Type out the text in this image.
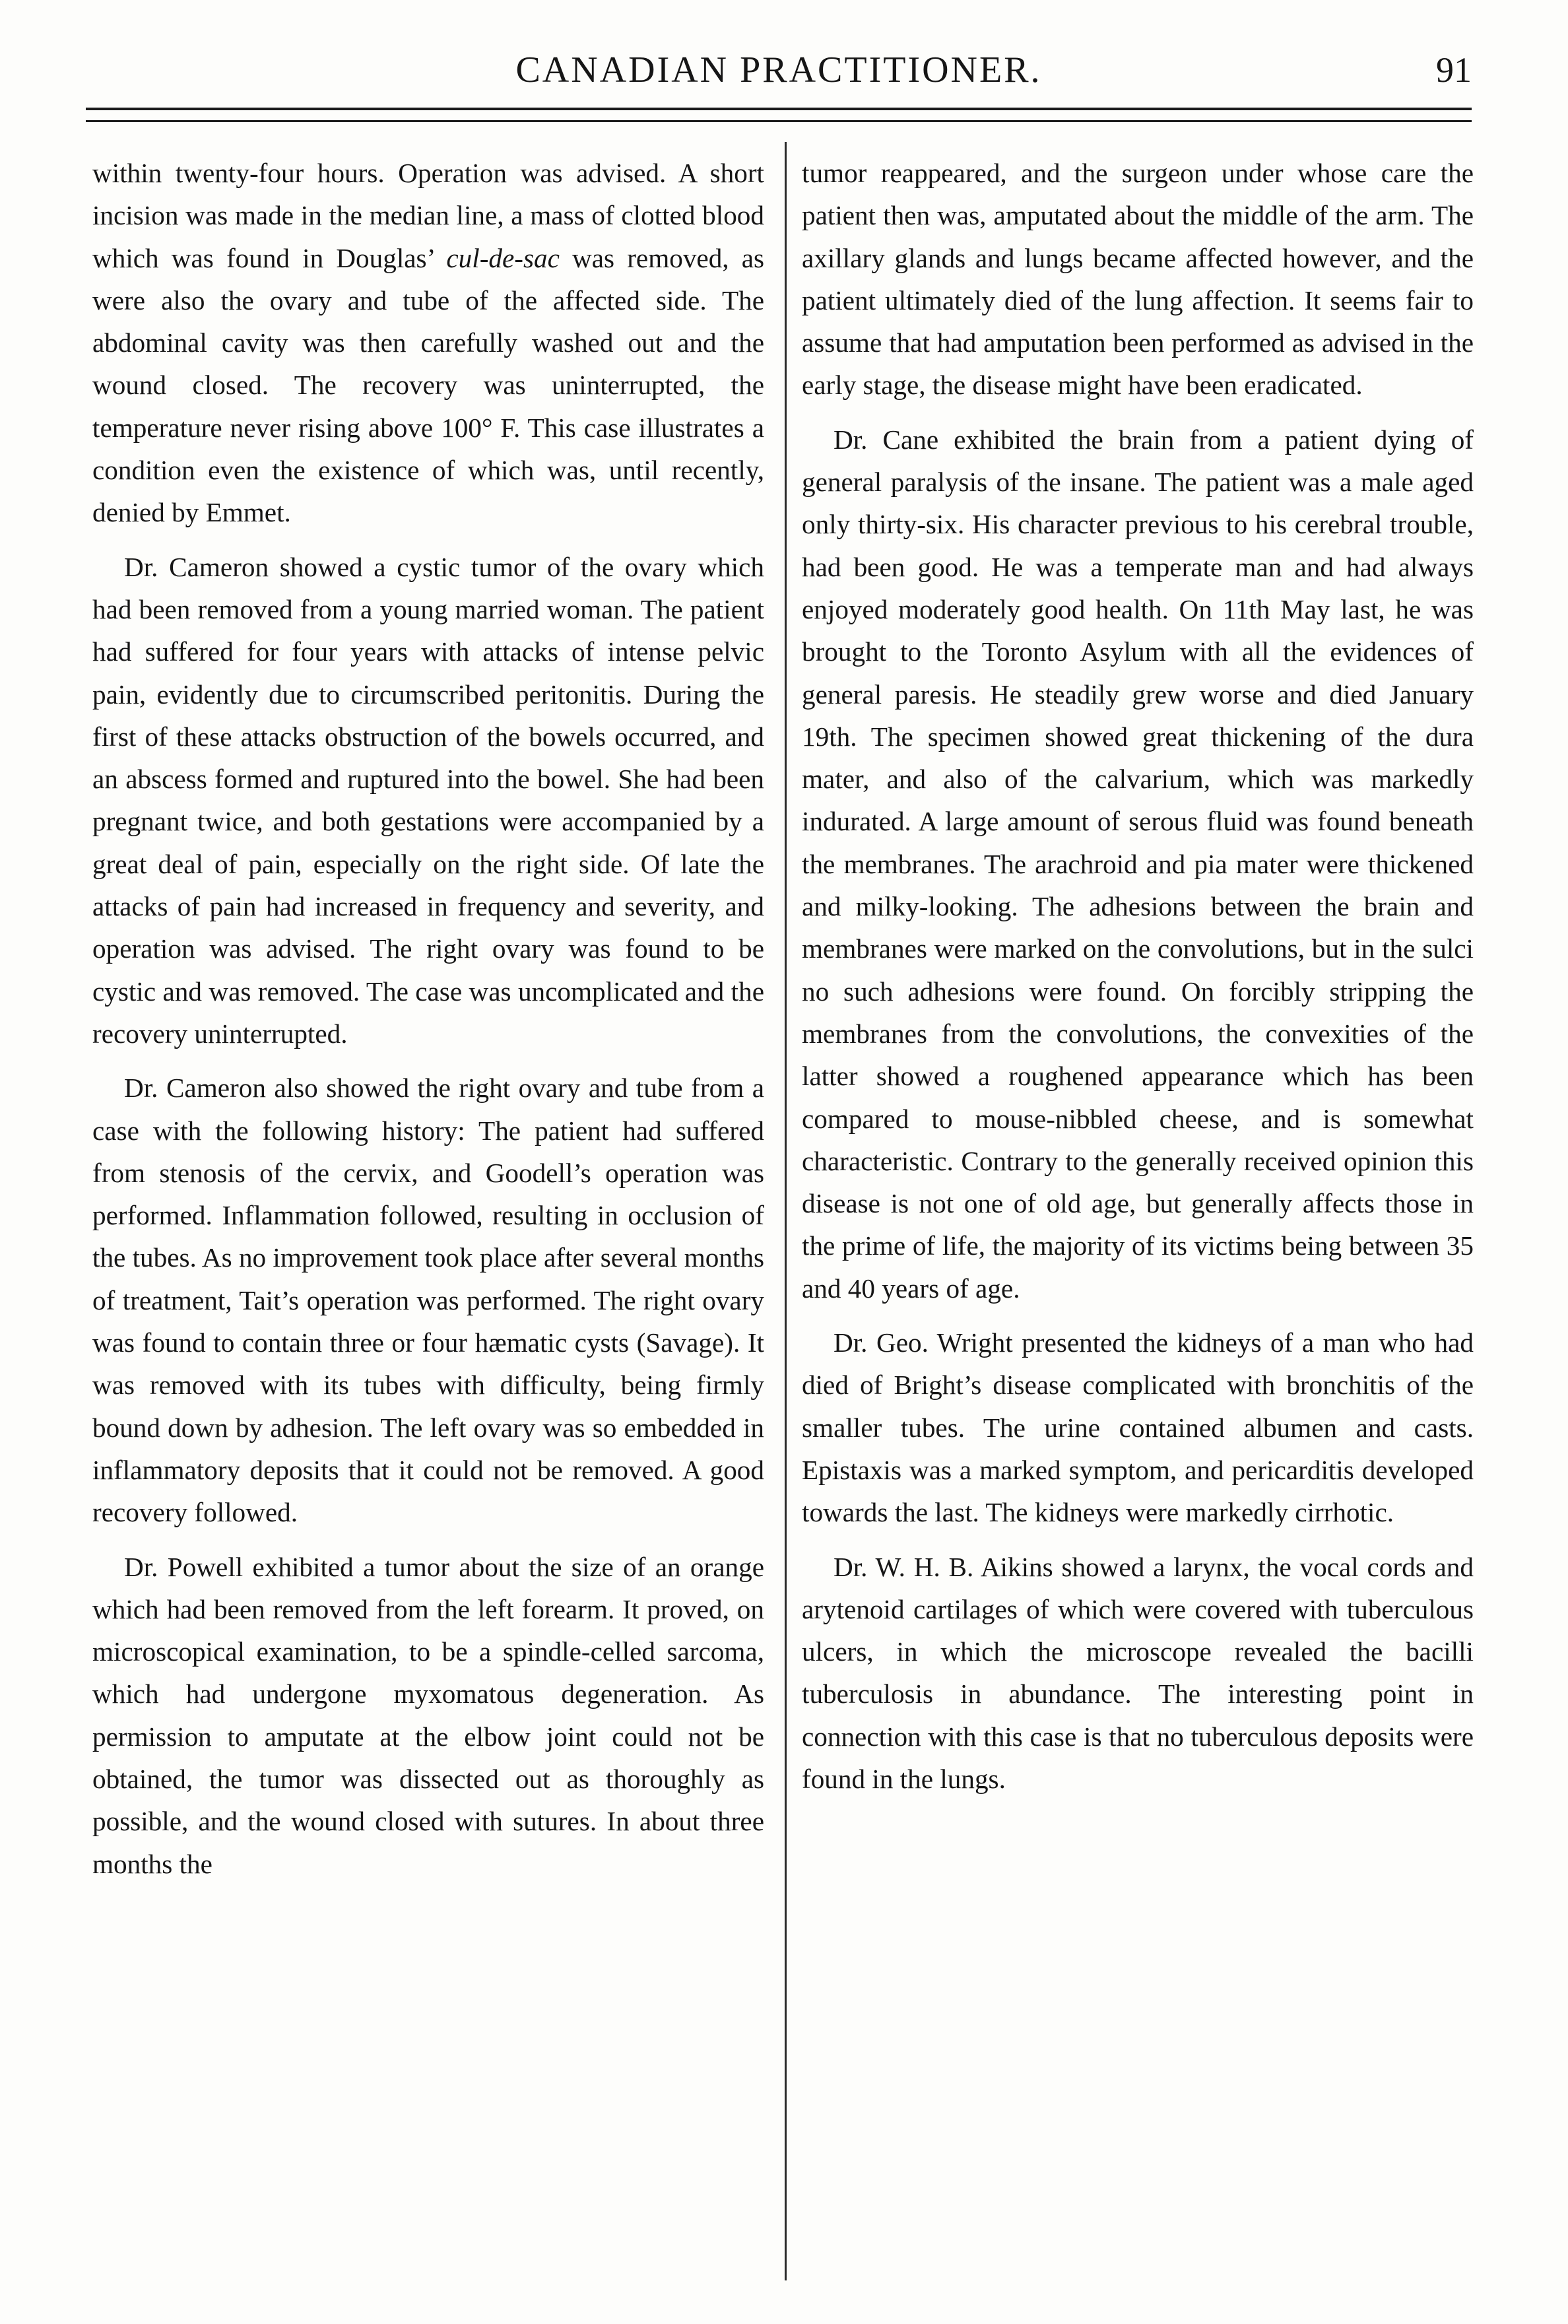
CANADIAN PRACTITIONER.	91

within twenty-four hours. Operation was advised. A short incision was made in the median line, a mass of clotted blood which was found in Douglas’ cul-de-sac was removed, as were also the ovary and tube of the affected side. The abdominal cavity was then carefully washed out and the wound closed. The recovery was uninterrupted, the temperature never rising above 100° F. This case illustrates a condition even the existence of which was, until recently, denied by Emmet.

Dr. Cameron showed a cystic tumor of the ovary which had been removed from a young married woman. The patient had suffered for four years with attacks of intense pelvic pain, evidently due to circumscribed peritonitis. During the first of these attacks obstruction of the bowels occurred, and an abscess formed and ruptured into the bowel. She had been pregnant twice, and both gestations were accompanied by a great deal of pain, especially on the right side. Of late the attacks of pain had increased in frequency and severity, and operation was advised. The right ovary was found to be cystic and was removed. The case was uncomplicated and the recovery uninterrupted.

Dr. Cameron also showed the right ovary and tube from a case with the following history: The patient had suffered from stenosis of the cervix, and Goodell’s operation was performed. Inflammation followed, resulting in occlusion of the tubes. As no improvement took place after several months of treatment, Tait’s operation was performed. The right ovary was found to contain three or four hæmatic cysts (Savage). It was removed with its tubes with difficulty, being firmly bound down by adhesion. The left ovary was so embedded in inflammatory deposits that it could not be removed. A good recovery followed.

Dr. Powell exhibited a tumor about the size of an orange which had been removed from the left forearm. It proved, on microscopical examination, to be a spindle-celled sarcoma, which had undergone myxomatous degeneration. As permission to amputate at the elbow joint could not be obtained, the tumor was dissected out as thoroughly as possible, and the wound closed with sutures. In about three months the

tumor reappeared, and the surgeon under whose care the patient then was, amputated about the middle of the arm. The axillary glands and lungs became affected however, and the patient ultimately died of the lung affection. It seems fair to assume that had amputation been performed as advised in the early stage, the disease might have been eradicated.

Dr. Cane exhibited the brain from a patient dying of general paralysis of the insane. The patient was a male aged only thirty-six. His character previous to his cerebral trouble, had been good. He was a temperate man and had always enjoyed moderately good health. On 11th May last, he was brought to the Toronto Asylum with all the evidences of general paresis. He steadily grew worse and died January 19th. The specimen showed great thickening of the dura mater, and also of the calvarium, which was markedly indurated. A large amount of serous fluid was found beneath the membranes. The arachroid and pia mater were thickened and milky-looking. The adhesions between the brain and membranes were marked on the convolutions, but in the sulci no such adhesions were found. On forcibly stripping the membranes from the convolutions, the convexities of the latter showed a roughened appearance which has been compared to mouse-nibbled cheese, and is somewhat characteristic. Contrary to the generally received opinion this disease is not one of old age, but generally affects those in the prime of life, the majority of its victims being between 35 and 40 years of age.

Dr. Geo. Wright presented the kidneys of a man who had died of Bright’s disease complicated with bronchitis of the smaller tubes. The urine contained albumen and casts. Epistaxis was a marked symptom, and pericarditis developed towards the last. The kidneys were markedly cirrhotic.

Dr. W. H. B. Aikins showed a larynx, the vocal cords and arytenoid cartilages of which were covered with tuberculous ulcers, in which the microscope revealed the bacilli tuberculosis in abundance. The interesting point in connection with this case is that no tuberculous deposits were found in the lungs.
